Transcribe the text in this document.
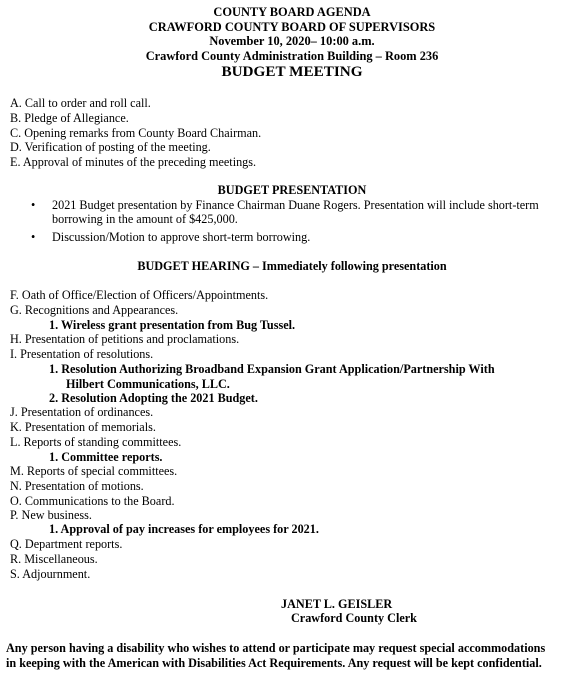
COUNTY BOARD AGENDA
CRAWFORD COUNTY BOARD OF SUPERVISORS
November 10, 2020– 10:00 a.m.
Crawford County Administration Building – Room 236
BUDGET MEETING
A. Call to order and roll call.
B. Pledge of Allegiance.
C. Opening remarks from County Board Chairman.
D. Verification of posting of the meeting.
E. Approval of minutes of the preceding meetings.
BUDGET PRESENTATION
• 2021 Budget presentation by Finance Chairman Duane Rogers. Presentation will include short-term
borrowing in the amount of $425,000.
• Discussion/Motion to approve short-term borrowing.
BUDGET HEARING – Immediately following presentation
F. Oath of Office/Election of Officers/Appointments.
G. Recognitions and Appearances.
1. Wireless grant presentation from Bug Tussel.
H. Presentation of petitions and proclamations.
I. Presentation of resolutions.
1. Resolution Authorizing Broadband Expansion Grant Application/Partnership With
Hilbert Communications, LLC.
2. Resolution Adopting the 2021 Budget.
J. Presentation of ordinances.
K. Presentation of memorials.
L. Reports of standing committees.
1. Committee reports.
M. Reports of special committees.
N. Presentation of motions.
O. Communications to the Board.
P. New business.
1. Approval of pay increases for employees for 2021.
Q. Department reports.
R. Miscellaneous.
S. Adjournment.
JANET L. GEISLER
Crawford County Clerk
Any person having a disability who wishes to attend or participate may request special accommodations
in keeping with the American with Disabilities Act Requirements. Any request will be kept confidential.
